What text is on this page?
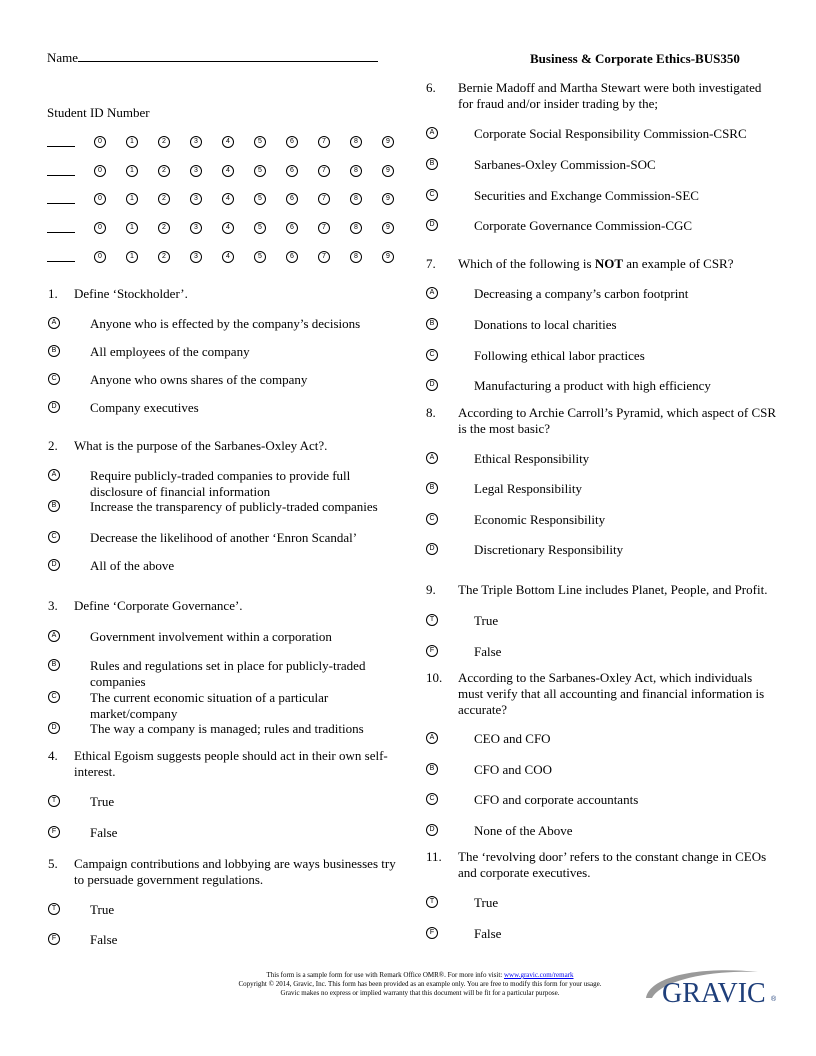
Name	Business & Corporate Ethics-BUS350
Student ID Number
0	1	2	3	4	5	6	7	8	9
0	1	2	3	4	5	6	7	8	9
0	1	2	3	4	5	6	7	8	9
0	1	2	3	4	5	6	7	8	9
0	1	2	3	4	5	6	7	8	9
1. Define ‘Stockholder’.
A	Anyone who is effected by the company’s decisions
B	All employees of the company
C	Anyone who owns shares of the company
D	Company executives
2. What is the purpose of the Sarbanes-Oxley Act?.
A	Require publicly-traded companies to provide full disclosure of financial information
B	Increase the transparency of publicly-traded companies
C	Decrease the likelihood of another ‘Enron Scandal’
D	All of the above
3. Define ‘Corporate Governance’.
A	Government involvement within a corporation
B	Rules and regulations set in place for publicly-traded companies
C	The current economic situation of a particular market/company
D	The way a company is managed; rules and traditions
4. Ethical Egoism suggests people should act in their own self-interest.
T	True
F	False
5. Campaign contributions and lobbying are ways businesses try to persuade government regulations.
T	True
F	False
6. Bernie Madoff and Martha Stewart were both investigated for fraud and/or insider trading by the;
A	Corporate Social Responsibility Commission-CSRC
B	Sarbanes-Oxley Commission-SOC
C	Securities and Exchange Commission-SEC
D	Corporate Governance Commission-CGC
7. Which of the following is NOT an example of CSR?
A	Decreasing a company’s carbon footprint
B	Donations to local charities
C	Following ethical labor practices
D	Manufacturing a product with high efficiency
8. According to Archie Carroll’s Pyramid, which aspect of CSR is the most basic?
A	Ethical Responsibility
B	Legal Responsibility
C	Economic Responsibility
D	Discretionary Responsibility
9. The Triple Bottom Line includes Planet, People, and Profit.
T	True
F	False
10. According to the Sarbanes-Oxley Act, which individuals must verify that all accounting and financial information is accurate?
A	CEO and CFO
B	CFO and COO
C	CFO and corporate accountants
D	None of the Above
11. The ‘revolving door’ refers to the constant change in CEOs and corporate executives.
T	True
F	False
This form is a sample form for use with Remark Office OMR®. For more info visit: www.gravic.com/remark
Copyright © 2014, Gravic, Inc. This form has been provided as an example only. You are free to modify this form for your usage.
Gravic makes no express or implied warranty that this document will be fit for a particular purpose.	GRAVIC ®
